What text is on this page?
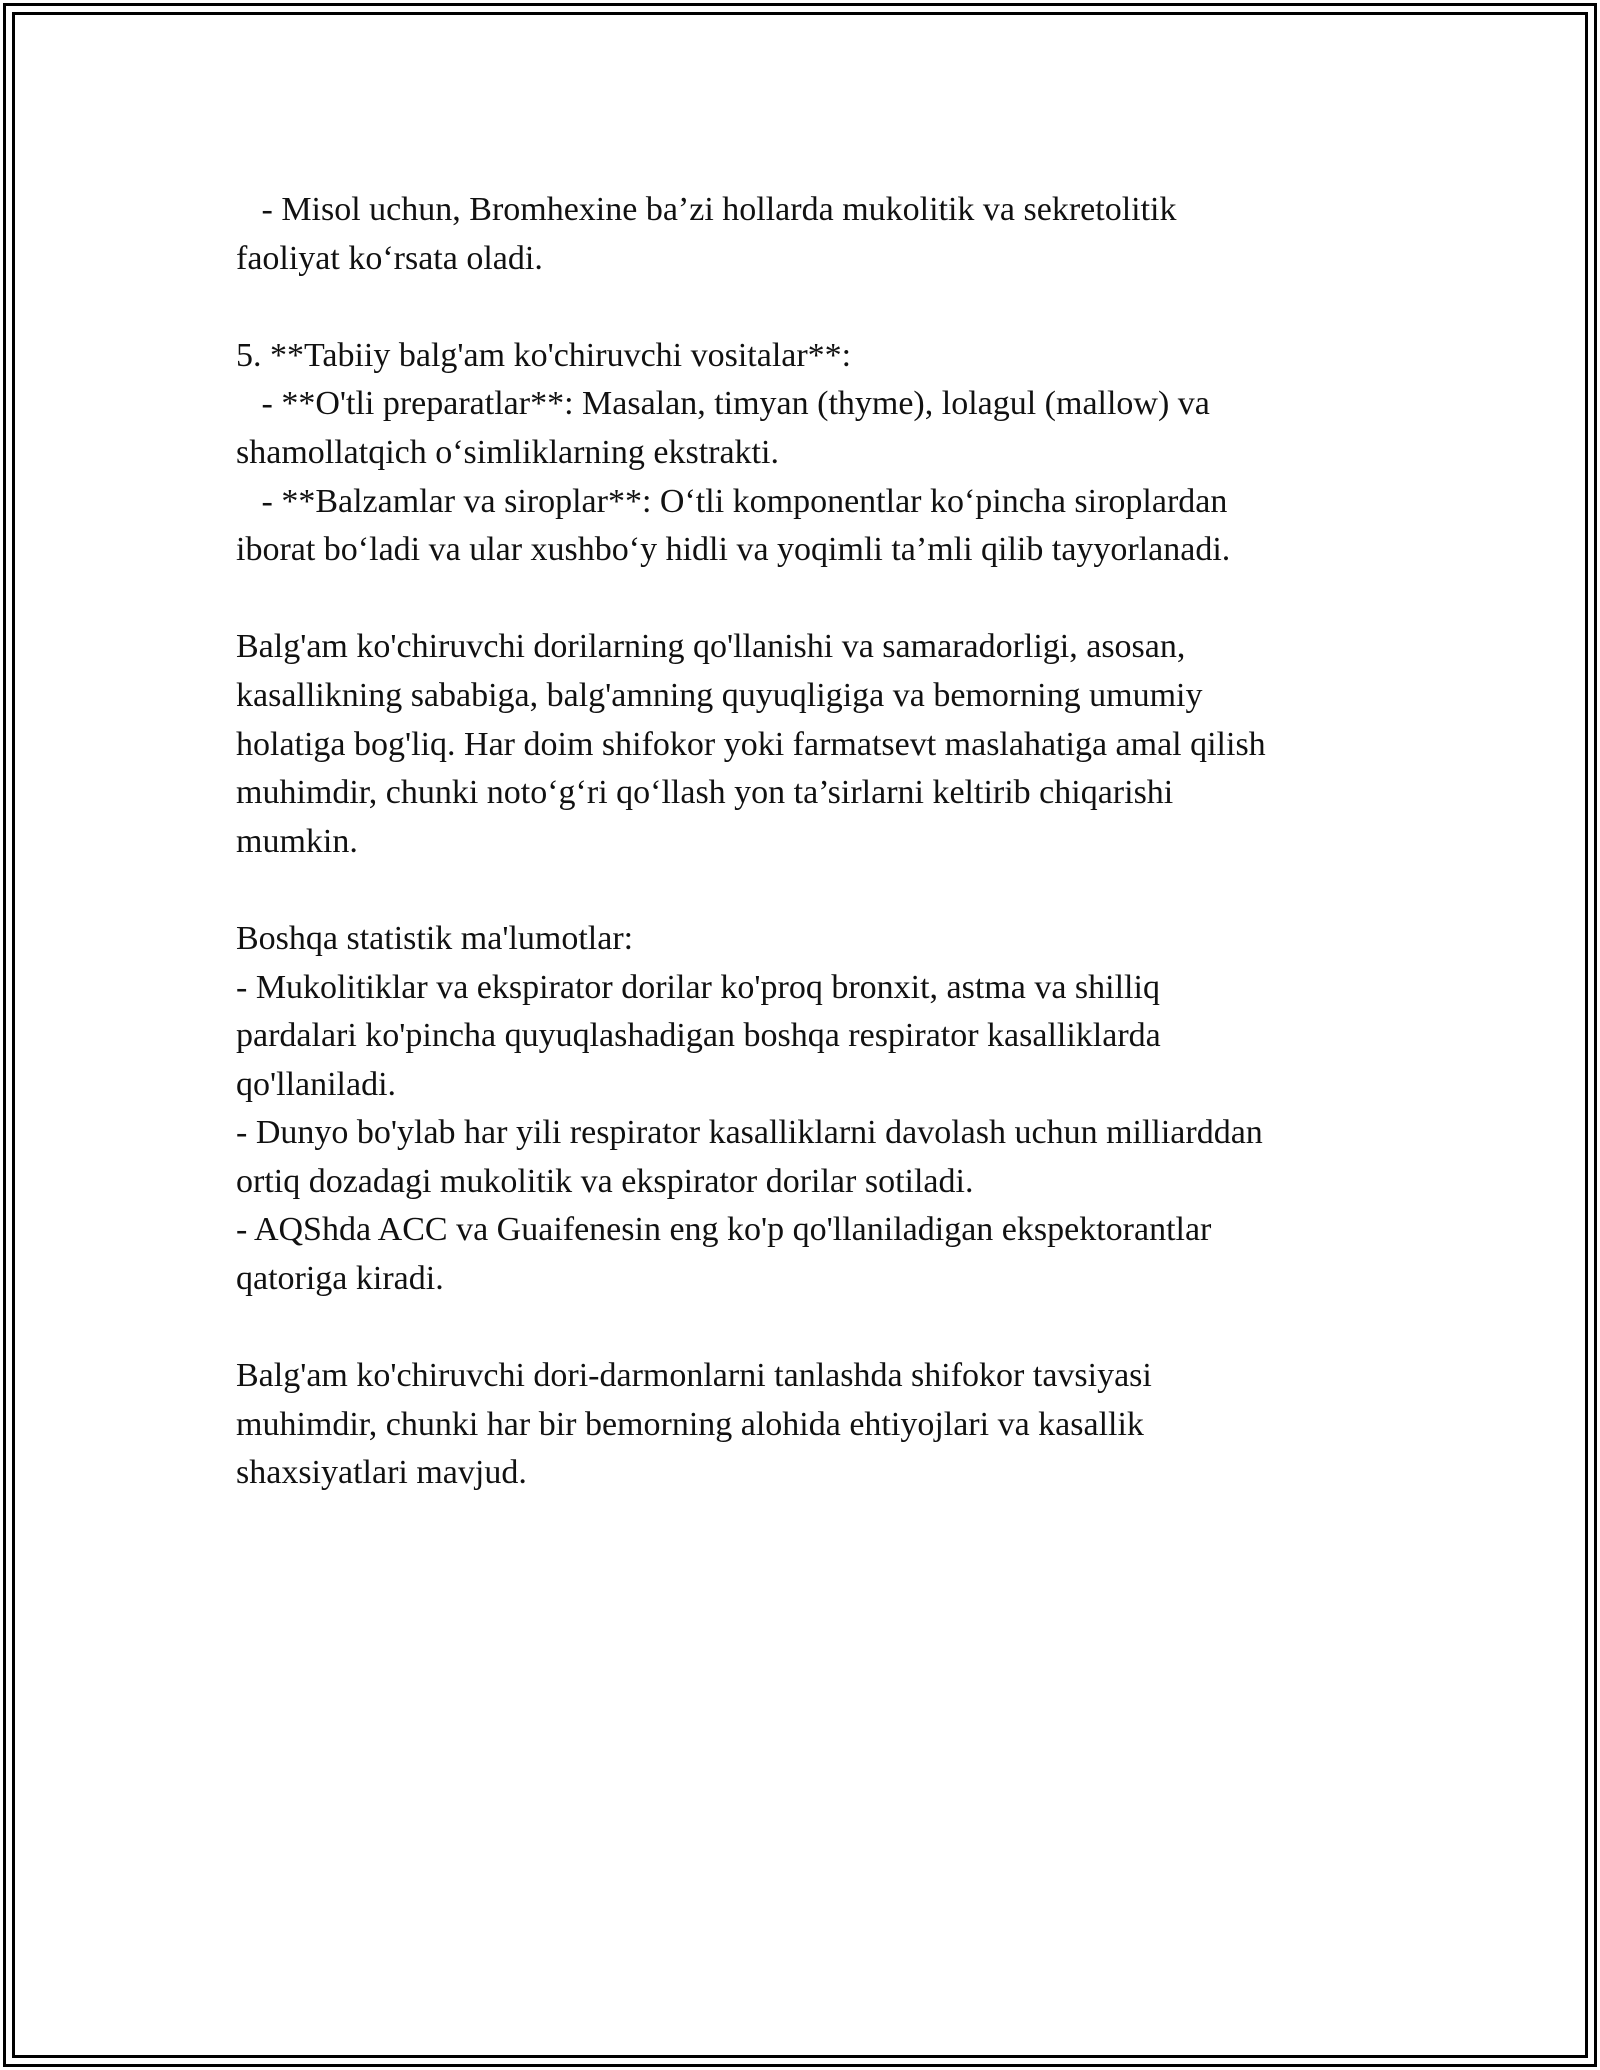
- Misol uchun, Bromhexine ba’zi hollarda mukolitik va sekretolitik
faoliyat ko‘rsata oladi.
5. **Tabiiy balg'am ko'chiruvchi vositalar**:
- **O'tli preparatlar**: Masalan, timyan (thyme), lolagul (mallow) va
shamollatqich o‘simliklarning ekstrakti.
- **Balzamlar va siroplar**: O‘tli komponentlar ko‘pincha siroplardan
iborat bo‘ladi va ular xushbo‘y hidli va yoqimli ta’mli qilib tayyorlanadi.
Balg'am ko'chiruvchi dorilarning qo'llanishi va samaradorligi, asosan,
kasallikning sababiga, balg'amning quyuqligiga va bemorning umumiy
holatiga bog'liq. Har doim shifokor yoki farmatsevt maslahatiga amal qilish
muhimdir, chunki noto‘g‘ri qo‘llash yon ta’sirlarni keltirib chiqarishi
mumkin.
Boshqa statistik ma'lumotlar:
- Mukolitiklar va ekspirator dorilar ko'proq bronxit, astma va shilliq
pardalari ko'pincha quyuqlashadigan boshqa respirator kasalliklarda
qo'llaniladi.
- Dunyo bo'ylab har yili respirator kasalliklarni davolash uchun milliarddan
ortiq dozadagi mukolitik va ekspirator dorilar sotiladi.
- AQShda ACC va Guaifenesin eng ko'p qo'llaniladigan ekspektorantlar
qatoriga kiradi.
Balg'am ko'chiruvchi dori-darmonlarni tanlashda shifokor tavsiyasi
muhimdir, chunki har bir bemorning alohida ehtiyojlari va kasallik
shaxsiyatlari mavjud.
